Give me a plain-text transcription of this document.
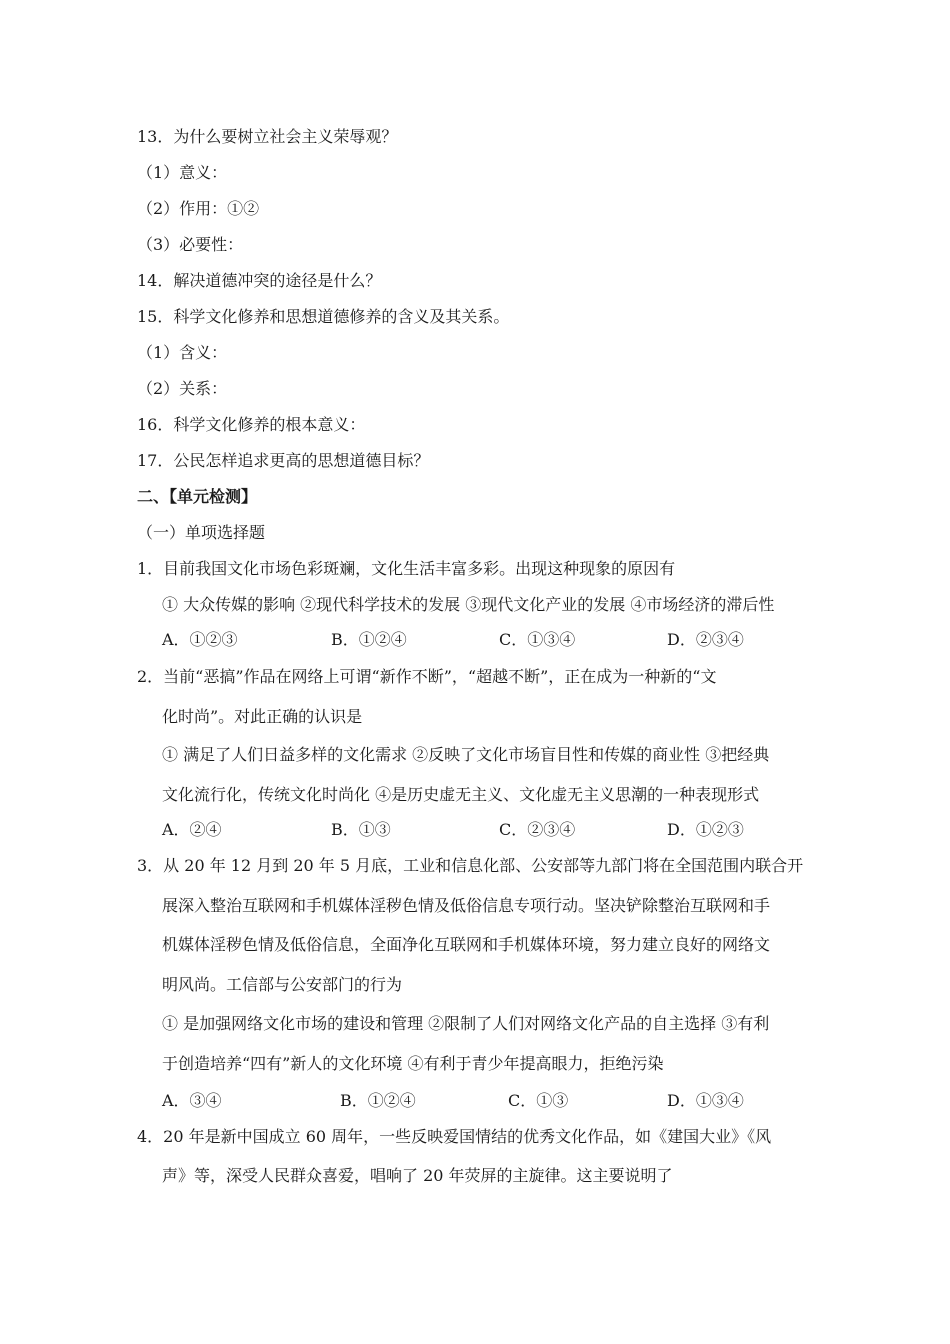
13．为什么要树立社会主义荣辱观？
（1）意义：
（2）作用：①②
（3）必要性：
14．解决道德冲突的途径是什么？
15．科学文化修养和思想道德修养的含义及其关系。
（1）含义：
（2）关系：
16．科学文化修养的根本意义：
17．公民怎样追求更高的思想道德目标？
二、【单元检测】
（一）单项选择题
1．目前我国文化市场色彩斑斓，文化生活丰富多彩。出现这种现象的原因有
① 大众传媒的影响 ②现代科学技术的发展 ③现代文化产业的发展 ④市场经济的滞后性
A．①②③	B．①②④	C．①③④	D．②③④
2．当前“恶搞”作品在网络上可谓“新作不断”，“超越不断”，正在成为一种新的“文
化时尚”。对此正确的认识是
① 满足了人们日益多样的文化需求 ②反映了文化市场盲目性和传媒的商业性 ③把经典
文化流行化，传统文化时尚化 ④是历史虚无主义、文化虚无主义思潮的一种表现形式
A．②④	B．①③	C．②③④	D．①②③
3．从 20 年 12 月到 20 年 5 月底，工业和信息化部、公安部等九部门将在全国范围内联合开
展深入整治互联网和手机媒体淫秽色情及低俗信息专项行动。坚决铲除整治互联网和手
机媒体淫秽色情及低俗信息，全面净化互联网和手机媒体环境，努力建立良好的网络文
明风尚。工信部与公安部门的行为
① 是加强网络文化市场的建设和管理 ②限制了人们对网络文化产品的自主选择 ③有利
于创造培养“四有”新人的文化环境 ④有利于青少年提高眼力，拒绝污染
A．③④	B．①②④	C．①③	D．①③④
4．20 年是新中国成立 60 周年，一些反映爱国情结的优秀文化作品，如《建国大业》《风
声》等，深受人民群众喜爱，唱响了 20 年荧屏的主旋律。这主要说明了
